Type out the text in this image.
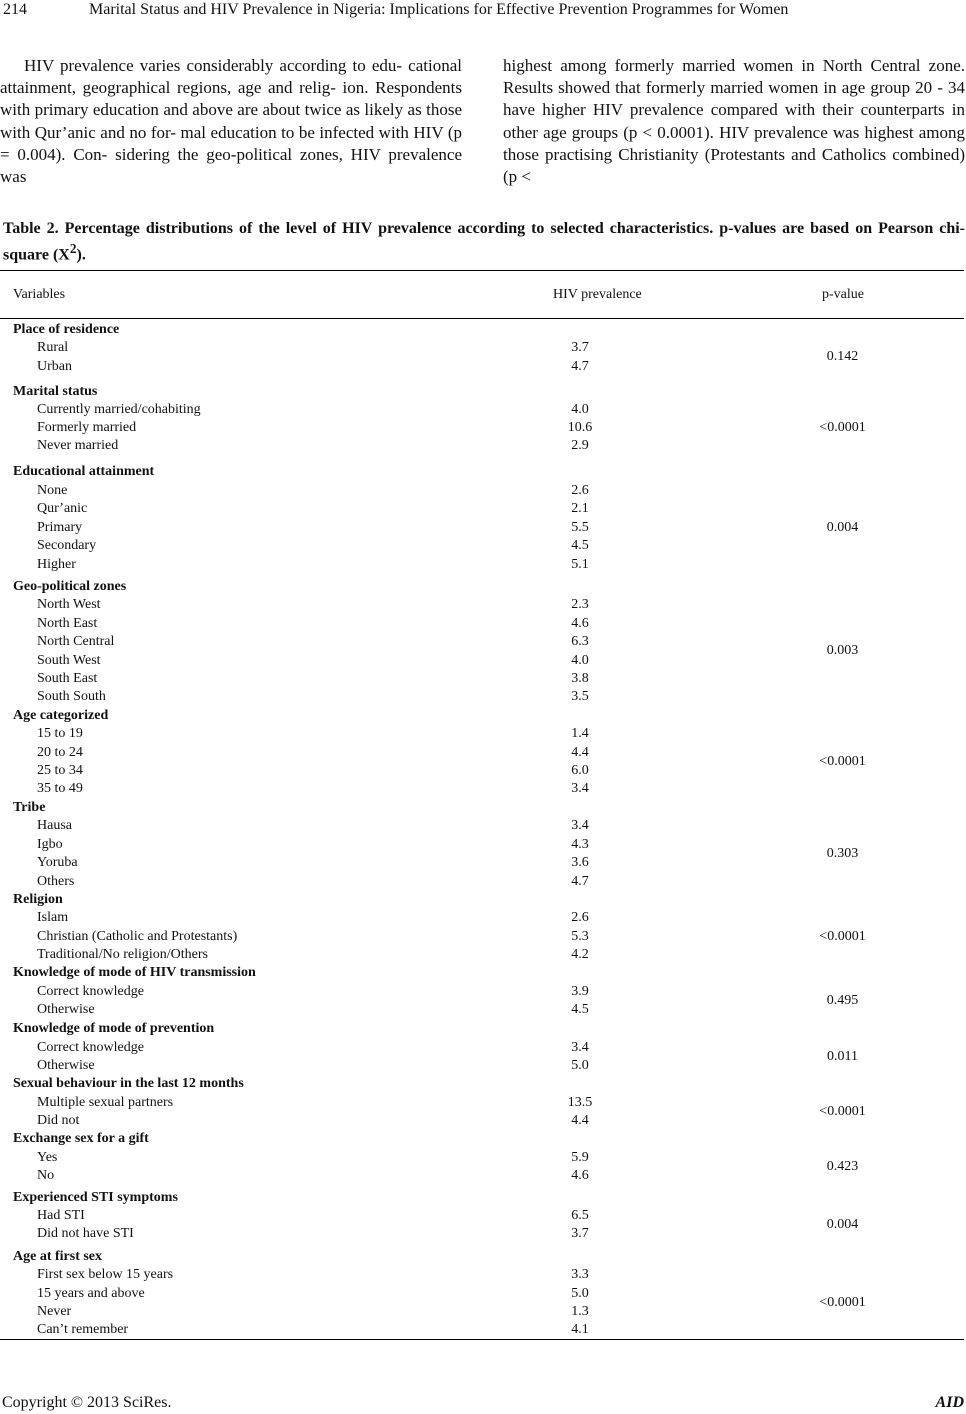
214	Marital Status and HIV Prevalence in Nigeria: Implications for Effective Prevention Programmes for Women

HIV prevalence varies considerably according to edu- cational attainment, geographical regions, age and relig- ion. Respondents with primary education and above are about twice as likely as those with Qur’anic and no for- mal education to be infected with HIV (p = 0.004). Con- sidering the geo-political zones, HIV prevalence was

highest among formerly married women in North Central zone. Results showed that formerly married women in age group 20 - 34 have higher HIV prevalence compared with their counterparts in other age groups (p < 0.0001). HIV prevalence was highest among those practising Christianity (Protestants and Catholics combined) (p <

Table 2. Percentage distributions of the level of HIV prevalence according to selected characteristics. p-values are based on Pearson chi-square $(X^2)$.

Variables	HIV prevalence	p-value
Place of residence
Rural	3.7
Urban	4.7
0.142
Marital status
Currently married/cohabiting	4.0
Formerly married	10.6
Never married	2.9
<0.0001
Educational attainment
None	2.6
Qur’anic	2.1
Primary	5.5
Secondary	4.5
Higher	5.1
0.004
Geo-political zones
North West	2.3
North East	4.6
North Central	6.3
South West	4.0
South East	3.8
South South	3.5
0.003
Age categorized
15 to 19	1.4
20 to 24	4.4
25 to 34	6.0
35 to 49	3.4
<0.0001
Tribe
Hausa	3.4
Igbo	4.3
Yoruba	3.6
Others	4.7
0.303
Religion
Islam	2.6
Christian (Catholic and Protestants)	5.3
Traditional/No religion/Others	4.2
<0.0001
Knowledge of mode of HIV transmission
Correct knowledge	3.9
Otherwise	4.5
0.495
Knowledge of mode of prevention
Correct knowledge	3.4
Otherwise	5.0
0.011
Sexual behaviour in the last 12 months
Multiple sexual partners	13.5
Did not	4.4
<0.0001
Exchange sex for a gift
Yes	5.9
No	4.6
0.423
Experienced STI symptoms
Had STI	6.5
Did not have STI	3.7
0.004
Age at first sex
First sex below 15 years	3.3
15 years and above	5.0
Never	1.3
Can’t remember	4.1
<0.0001
Copyright © 2013 SciRes.	AID
